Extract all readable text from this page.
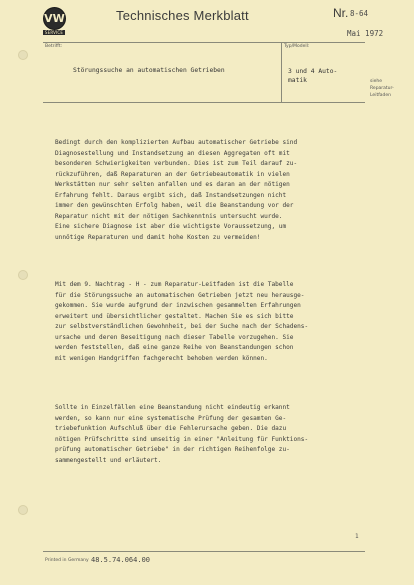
VW
SERVICE
Technisches Merkblatt	Nr. 8-64
Mai 1972
Betrifft:	Typ/Modell:
Störungssuche an automatischen Getrieben	3 und 4 Auto-
matik	siehe
Reparatur-
Leitfaden
Bedingt durch den komplizierten Aufbau automatischer Getriebe sind
Diagnosestellung und Instandsetzung an diesen Aggregaten oft mit
besonderen Schwierigkeiten verbunden. Dies ist zum Teil darauf zu-
rückzuführen, daß Reparaturen an der Getriebeautomatik in vielen
Werkstätten nur sehr selten anfallen und es daran an der nötigen
Erfahrung fehlt. Daraus ergibt sich, daß Instandsetzungen nicht
immer den gewünschten Erfolg haben, weil die Beanstandung vor der
Reparatur nicht mit der nötigen Sachkenntnis untersucht wurde.
Eine sichere Diagnose ist aber die wichtigste Voraussetzung, um
unnötige Reparaturen und damit hohe Kosten zu vermeiden!
Mit dem 9. Nachtrag - H - zum Reparatur-Leitfaden ist die Tabelle
für die Störungssuche an automatischen Getrieben jetzt neu herausge-
gekommen. Sie wurde aufgrund der inzwischen gesammelten Erfahrungen
erweitert und übersichtlicher gestaltet. Machen Sie es sich bitte
zur selbstverständlichen Gewohnheit, bei der Suche nach der Schadens-
ursache und deren Beseitigung nach dieser Tabelle vorzugehen. Sie
werden feststellen, daß eine ganze Reihe von Beanstandungen schon
mit wenigen Handgriffen fachgerecht behoben werden können.
Sollte in Einzelfällen eine Beanstandung nicht eindeutig erkannt
werden, so kann nur eine systematische Prüfung der gesamten Ge-
triebefunktion Aufschluß über die Fehlerursache geben. Die dazu
nötigen Prüfschritte sind umseitig in einer "Anleitung für Funktions-
prüfung automatischer Getriebe" in der richtigen Reihenfolge zu-
sammengestellt und erläutert.
1
Printed in Germany 48.5.74.064.00
